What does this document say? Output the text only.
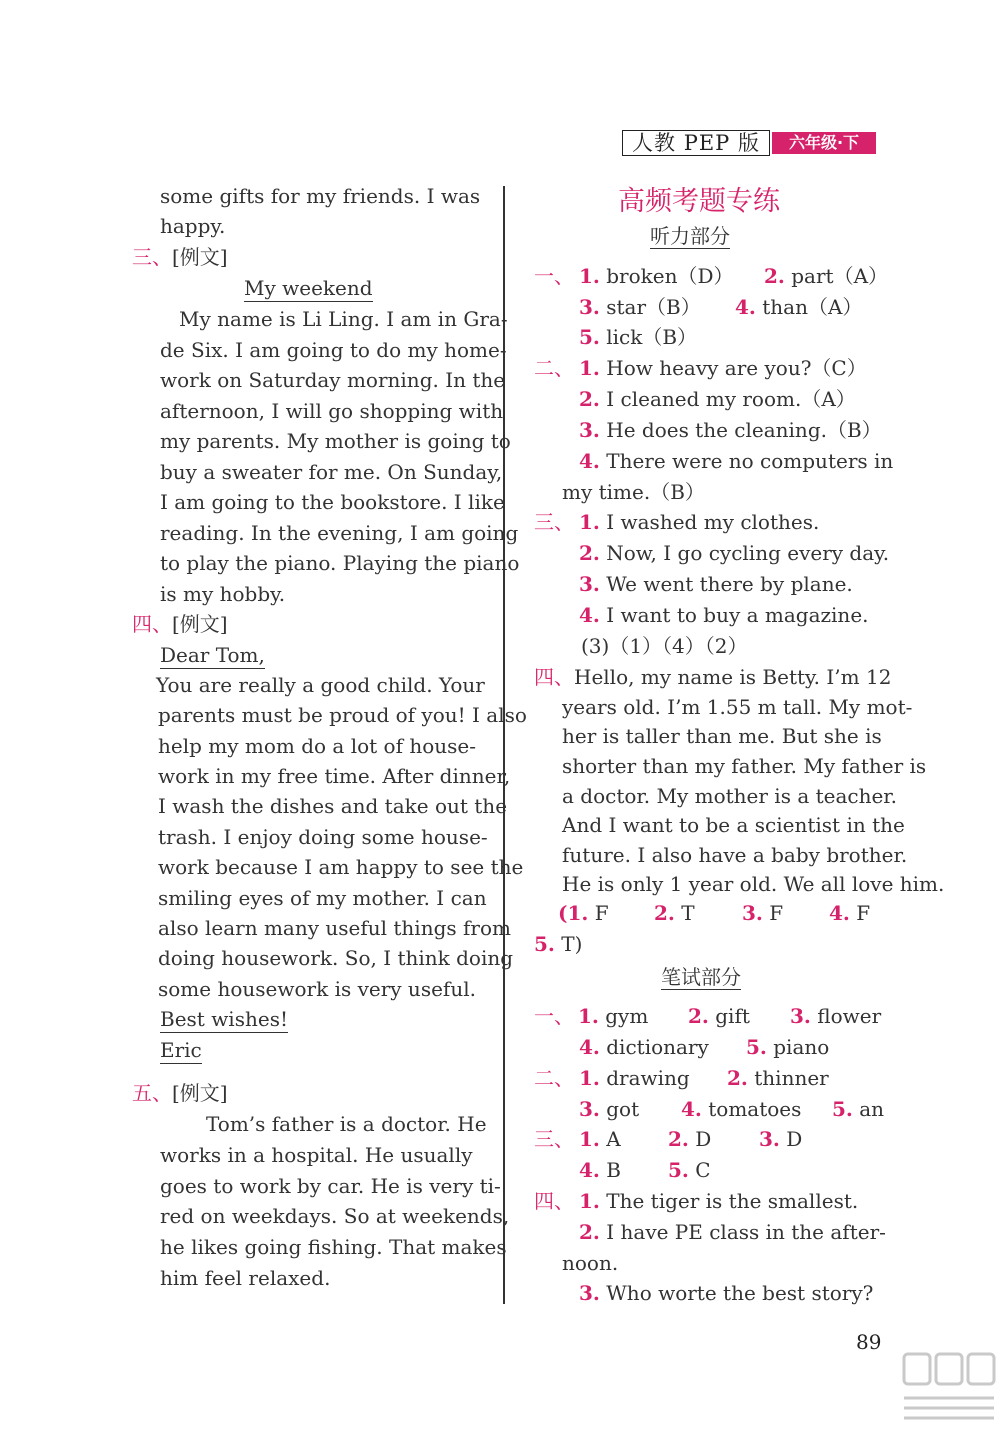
人教 PEP 版	六年级·下
some gifts for my friends. I was
happy.
三、[例文]
My weekend
My name is Li Ling. I am in Gra-
de Six. I am going to do my home-
work on Saturday morning. In the
afternoon, I will go shopping with
my parents. My mother is going to
buy a sweater for me. On Sunday,
I am going to the bookstore. I like
reading. In the evening, I am going
to play the piano. Playing the piano
is my hobby.
四、[例文]
Dear Tom,
You are really a good child. Your
parents must be proud of you! I also
help my mom do a lot of house-
work in my free time. After dinner,
I wash the dishes and take out the
trash. I enjoy doing some house-
work because I am happy to see the
smiling eyes of my mother. I can
also learn many useful things from
doing housework. So, I think doing
some housework is very useful.
Best wishes!
Eric
五、[例文]
Tom’s father is a doctor. He
works in a hospital. He usually
goes to work by car. He is very ti-
red on weekdays. So at weekends,
he likes going fishing. That makes
him feel relaxed.
高频考题专练
听力部分
一、 1. broken（D） 2. part（A）
3. star（B） 4. than（A）
5. lick（B）
二、 1. How heavy are you?（C）
2. I cleaned my room.（A）
3. He does the cleaning.（B）
4. There were no computers in
my time.（B）
三、 1. I washed my clothes.
2. Now, I go cycling every day.
3. We went there by plane.
4. I want to buy a magazine.
(3)（1）（4）（2）
四、Hello, my name is Betty. I’m 12
years old. I’m 1.55 m tall. My mot-
her is taller than me. But she is
shorter than my father. My father is
a doctor. My mother is a teacher.
And I want to be a scientist in the
future. I also have a baby brother.
He is only 1 year old. We all love him.
(1. F 2. T 3. F 4. F
5. T)
笔试部分
一、 1. gym 2. gift 3. flower
4. dictionary 5. piano
二、 1. drawing 2. thinner
3. got 4. tomatoes 5. an
三、 1. A 2. D 3. D
4. B 5. C
四、 1. The tiger is the smallest.
2. I have PE class in the after-
noon.
3. Who worte the best story?
89
